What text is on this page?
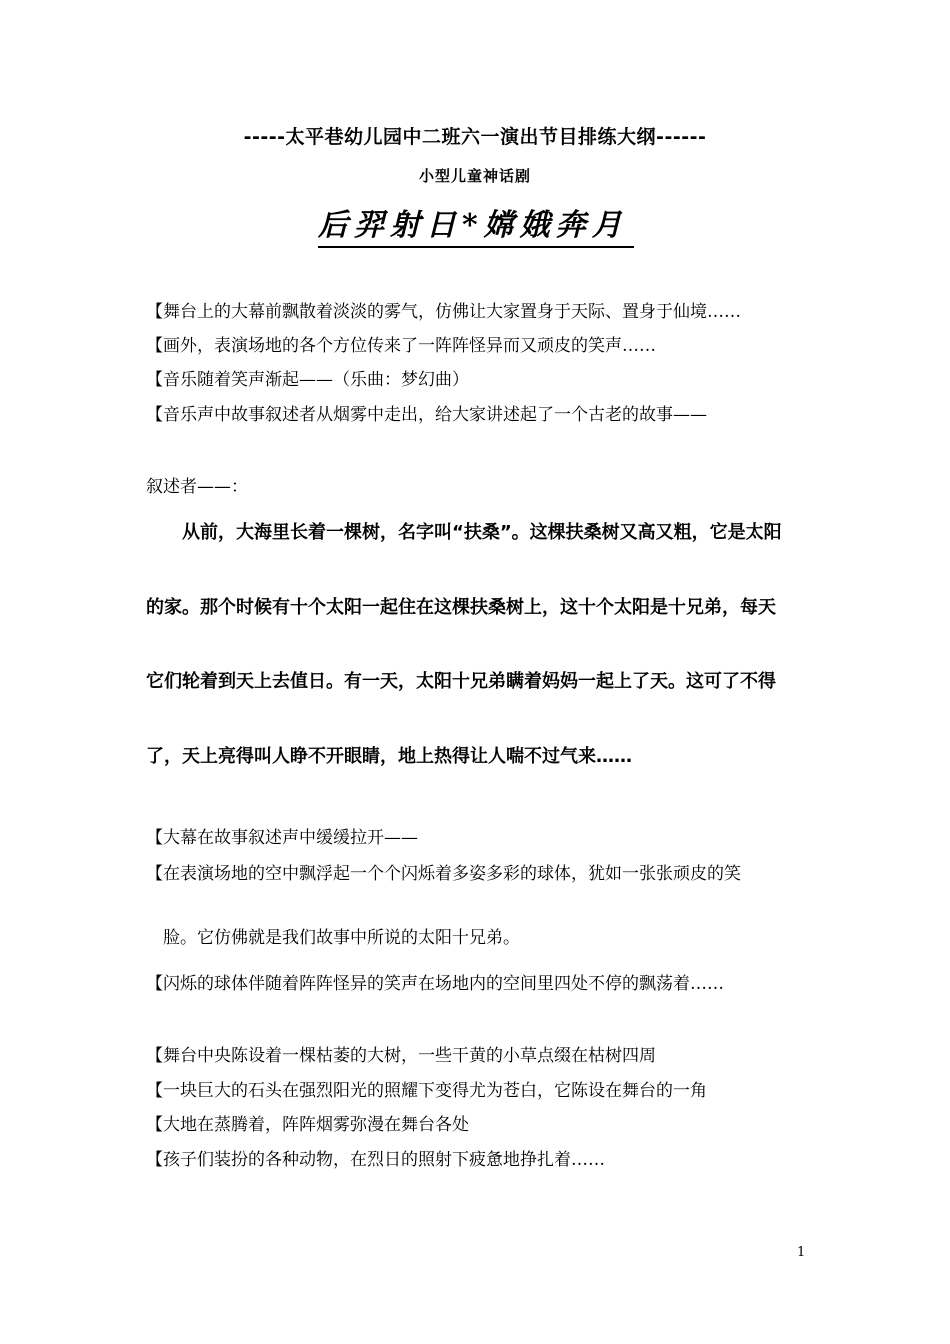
-----太平巷幼儿园中二班六一演出节目排练大纲------
小型儿童神话剧
后羿射日*嫦娥奔月
【舞台上的大幕前飘散着淡淡的雾气，仿佛让大家置身于天际、置身于仙境……
【画外，表演场地的各个方位传来了一阵阵怪异而又顽皮的笑声……
【音乐随着笑声渐起——（乐曲：梦幻曲）
【音乐声中故事叙述者从烟雾中走出，给大家讲述起了一个古老的故事——
叙述者——：
从前，大海里长着一棵树，名字叫“扶桑”。这棵扶桑树又高又粗，它是太阳
的家。那个时候有十个太阳一起住在这棵扶桑树上，这十个太阳是十兄弟，每天
它们轮着到天上去值日。有一天，太阳十兄弟瞒着妈妈一起上了天。这可了不得
了，天上亮得叫人睁不开眼睛，地上热得让人喘不过气来……
【大幕在故事叙述声中缓缓拉开——
【在表演场地的空中飘浮起一个个闪烁着多姿多彩的球体，犹如一张张顽皮的笑
脸。它仿佛就是我们故事中所说的太阳十兄弟。
【闪烁的球体伴随着阵阵怪异的笑声在场地内的空间里四处不停的飘荡着……
【舞台中央陈设着一棵枯萎的大树，一些干黄的小草点缀在枯树四周
【一块巨大的石头在强烈阳光的照耀下变得尤为苍白，它陈设在舞台的一角
【大地在蒸腾着，阵阵烟雾弥漫在舞台各处
【孩子们装扮的各种动物，在烈日的照射下疲惫地挣扎着……
1
